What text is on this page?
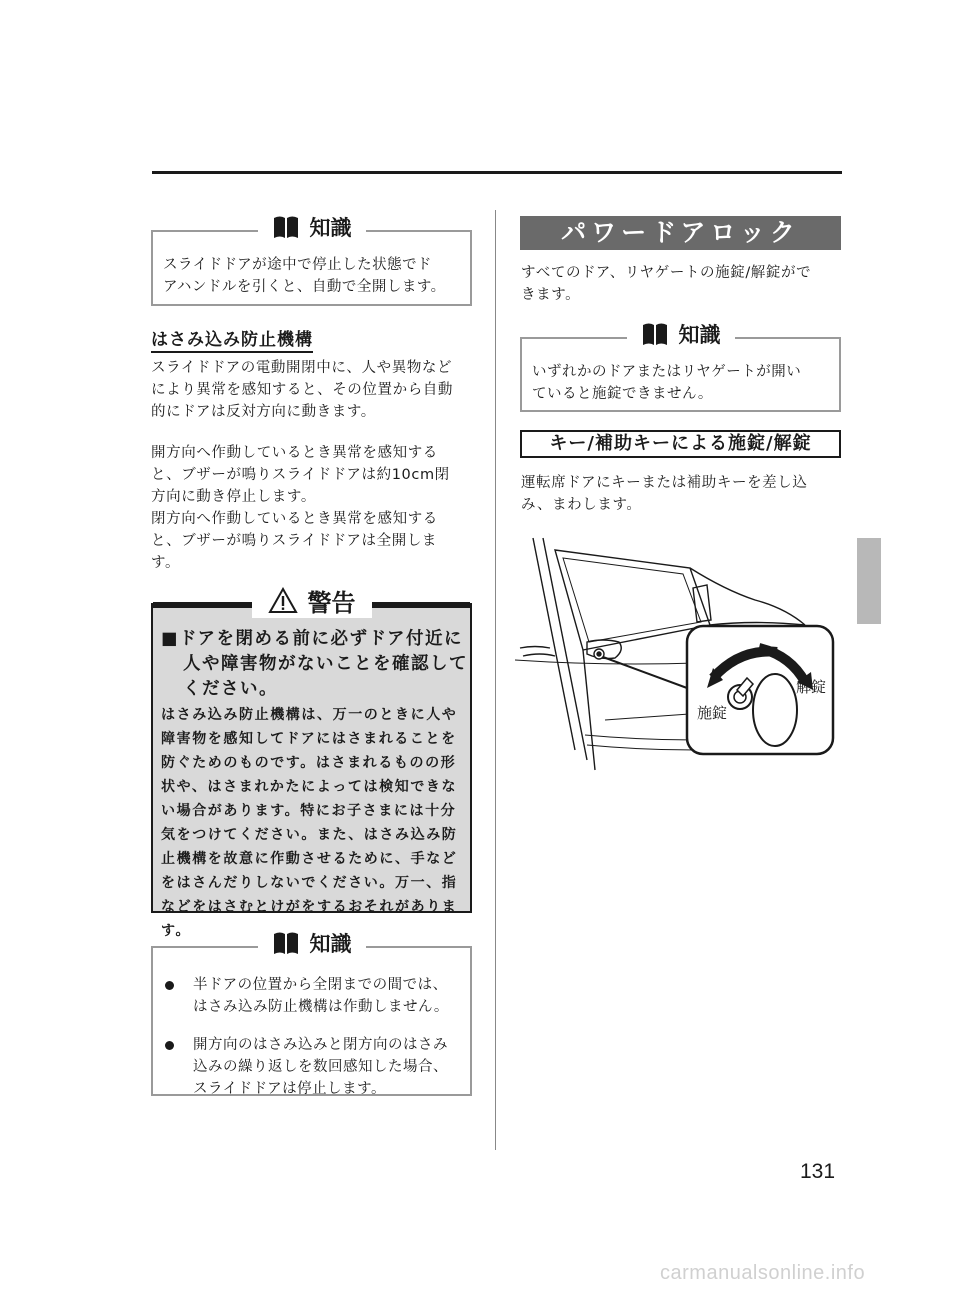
知識
スライドドアが途中で停止した状態でド
アハンドルを引くと、自動で全開します。
はさみ込み防止機構
スライドドアの電動開閉中に、人や異物など
により異常を感知すると、その位置から自動
的にドアは反対方向に動きます。
開方向へ作動しているとき異常を感知する
と、ブザーが鳴りスライドドアは約10cm閉
方向に動き停止します。
閉方向へ作動しているとき異常を感知する
と、ブザーが鳴りスライドドアは全開しま
す。
警告
■ドアを閉める前に必ずドア付近に
人や障害物がないことを確認して
ください。
はさみ込み防止機構は、万一のときに人や
障害物を感知してドアにはさまれることを
防ぐためのものです。はさまれるものの形
状や、はさまれかたによっては検知できな
い場合があります。特にお子さまには十分
気をつけてください。また、はさみ込み防
止機構を故意に作動させるために、手など
をはさんだりしないでください。万一、指
などをはさむとけがをするおそれがありま
す。
知識
半ドアの位置から全閉までの間では、
はさみ込み防止機構は作動しません。
開方向のはさみ込みと閉方向のはさみ
込みの繰り返しを数回感知した場合、
スライドドアは停止します。
パワードアロック
すべてのドア、リヤゲートの施錠/解錠がで
きます。
知識
いずれかのドアまたはリヤゲートが開い
ていると施錠できません。
キー/補助キーによる施錠/解錠
運転席ドアにキーまたは補助キーを差し込
み、まわします。
施錠
解錠
131
carmanualsonline.info
